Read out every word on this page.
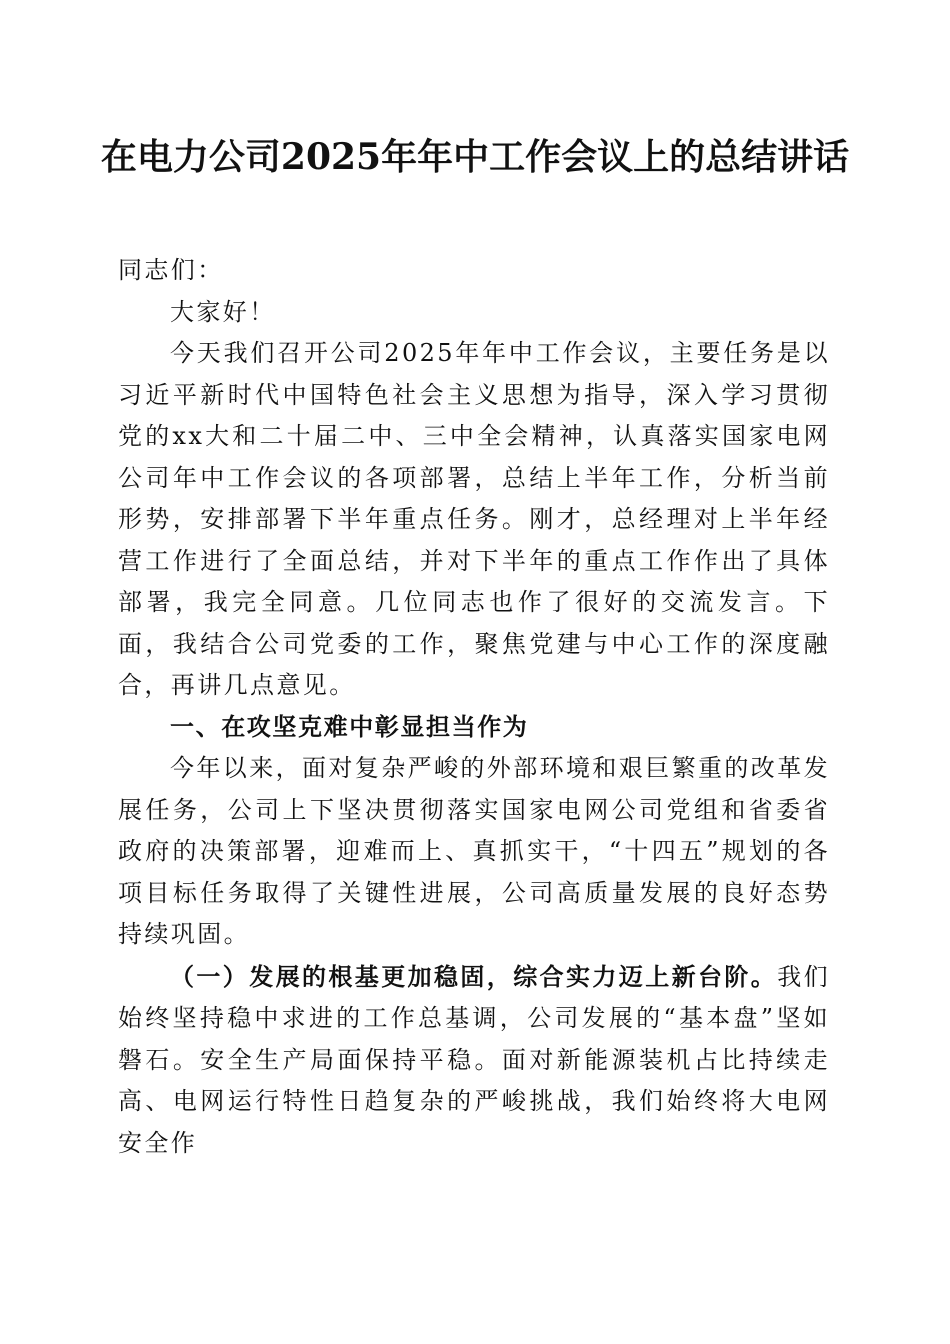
在电力公司2025年年中工作会议上的总结讲话

同志们：

大家好！

今天我们召开公司2025年年中工作会议，主要任务是以习近平新时代中国特色社会主义思想为指导，深入学习贯彻党的xx大和二十届二中、三中全会精神，认真落实国家电网公司年中工作会议的各项部署，总结上半年工作，分析当前形势，安排部署下半年重点任务。刚才，总经理对上半年经营工作进行了全面总结，并对下半年的重点工作作出了具体部署，我完全同意。几位同志也作了很好的交流发言。下面，我结合公司党委的工作，聚焦党建与中心工作的深度融合，再讲几点意见。

一、在攻坚克难中彰显担当作为

今年以来，面对复杂严峻的外部环境和艰巨繁重的改革发展任务，公司上下坚决贯彻落实国家电网公司党组和省委省政府的决策部署，迎难而上、真抓实干，“十四五”规划的各项目标任务取得了关键性进展，公司高质量发展的良好态势持续巩固。

（一）发展的根基更加稳固，综合实力迈上新台阶。我们始终坚持稳中求进的工作总基调，公司发展的“基本盘”坚如磐石。安全生产局面保持平稳。面对新能源装机占比持续走高、电网运行特性日趋复杂的严峻挑战，我们始终将大电网安全作
